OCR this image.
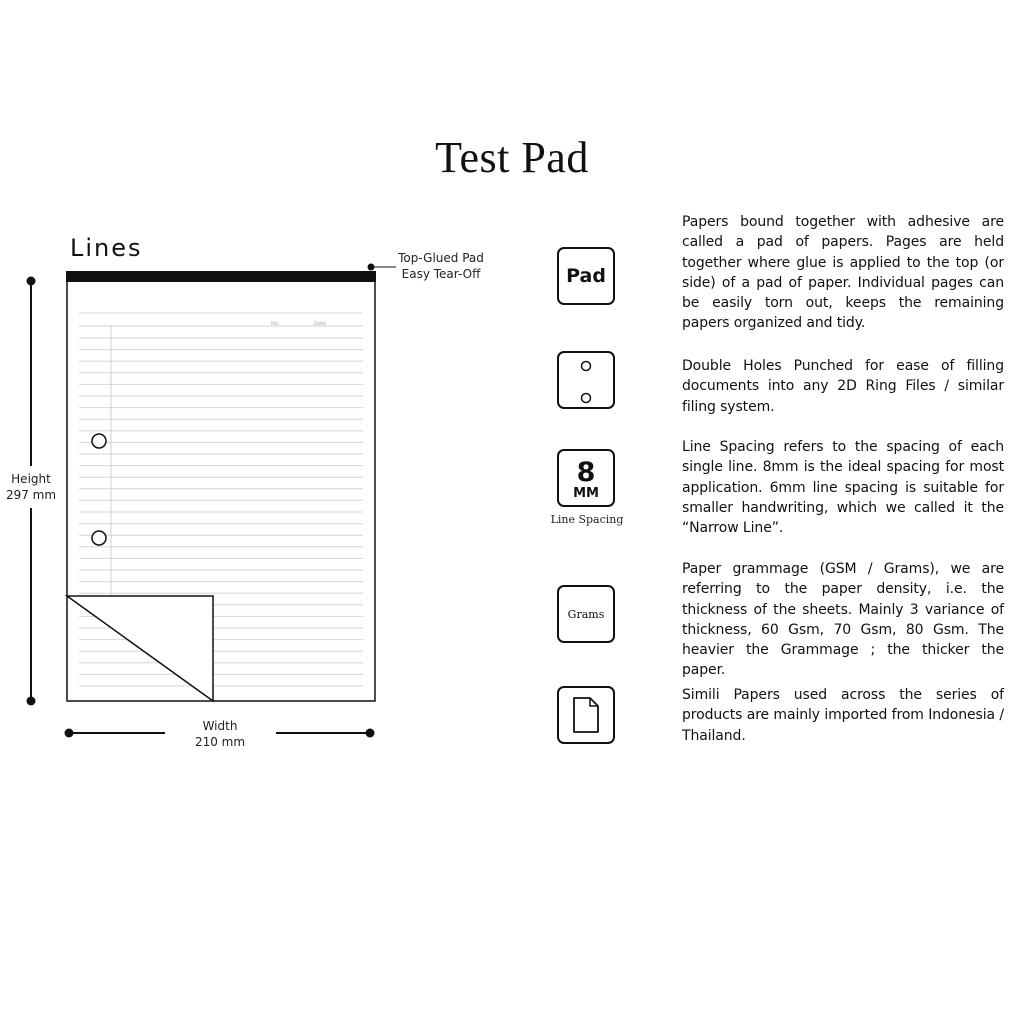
Test Pad
Lines	Top-Glued Pad
Easy Tear-Off
No.	Date
Height
297 mm
Width
210 mm
Pad
8
MM
Line Spacing
Grams
Papers bound together with adhesive are called a pad of papers. Pages are held together where glue is applied to the top (or side) of a pad of paper. Individual pages can be easily torn out, keeps the remaining papers organized and tidy.
Double Holes Punched for ease of filling documents into any 2D Ring Files / similar filing system.
Line Spacing refers to the spacing of each single line. 8mm is the ideal spacing for most application. 6mm line spacing is suitable for smaller handwriting, which we called it the “Narrow Line”.
Paper grammage (GSM / Grams), we are referring to the paper density, i.e. the thickness of the sheets. Mainly 3 variance of thickness, 60 Gsm, 70 Gsm, 80 Gsm. The heavier the Grammage ; the thicker the paper.
Simili Papers used across the series of products are mainly imported from Indonesia / Thailand.
